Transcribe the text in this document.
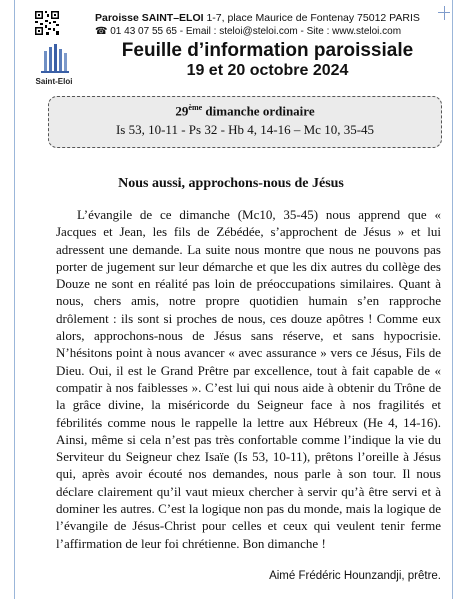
Saint-Eloi
Paroisse SAINT–ELOI 1-7, place Maurice de Fontenay 75012 PARIS
☎ 01 43 07 55 65 - Email : steloi@steloi.com - Site : www.steloi.com
Feuille d’information paroissiale
19 et 20 octobre 2024
29ème dimanche ordinaire
Is 53, 10-11 - Ps 32 - Hb 4, 14-16 – Mc 10, 35-45
Nous aussi, approchons-nous de Jésus
L’évangile de ce dimanche (Mc10, 35-45) nous apprend que « Jacques et Jean, les fils de Zébédée, s’approchent de Jésus » et lui adressent une demande. La suite nous montre que nous ne pouvons pas porter de jugement sur leur démarche et que les dix autres du collège des Douze ne sont en réalité pas loin de préoccupations similaires. Quant à nous, chers amis, notre propre quotidien humain s’en rapproche drôlement : ils sont si proches de nous, ces douze apôtres ! Comme eux alors, approchons-nous de Jésus sans réserve, et sans hypocrisie. N’hésitons point à nous avancer « avec assurance » vers ce Jésus, Fils de Dieu. Oui, il est le Grand Prêtre par excellence, tout à fait capable de « compatir à nos faiblesses ». C’est lui qui nous aide à obtenir du Trône de la grâce divine, la miséricorde du Seigneur face à nos fragilités et fébrilités comme nous le rappelle la lettre aux Hébreux (He 4, 14-16). Ainsi, même si cela n’est pas très confortable comme l’indique la vie du Serviteur du Seigneur chez Isaïe (Is 53, 10-11), prêtons l’oreille à Jésus qui, après avoir écouté nos demandes, nous parle à son tour. Il nous déclare clairement qu’il vaut mieux chercher à servir qu’à être servi et à dominer les autres. C’est la logique non pas du monde, mais la logique de l’évangile de Jésus-Christ pour celles et ceux qui veulent tenir ferme l’affirmation de leur foi chrétienne. Bon dimanche !
Aimé Frédéric Hounzandji, prêtre.
